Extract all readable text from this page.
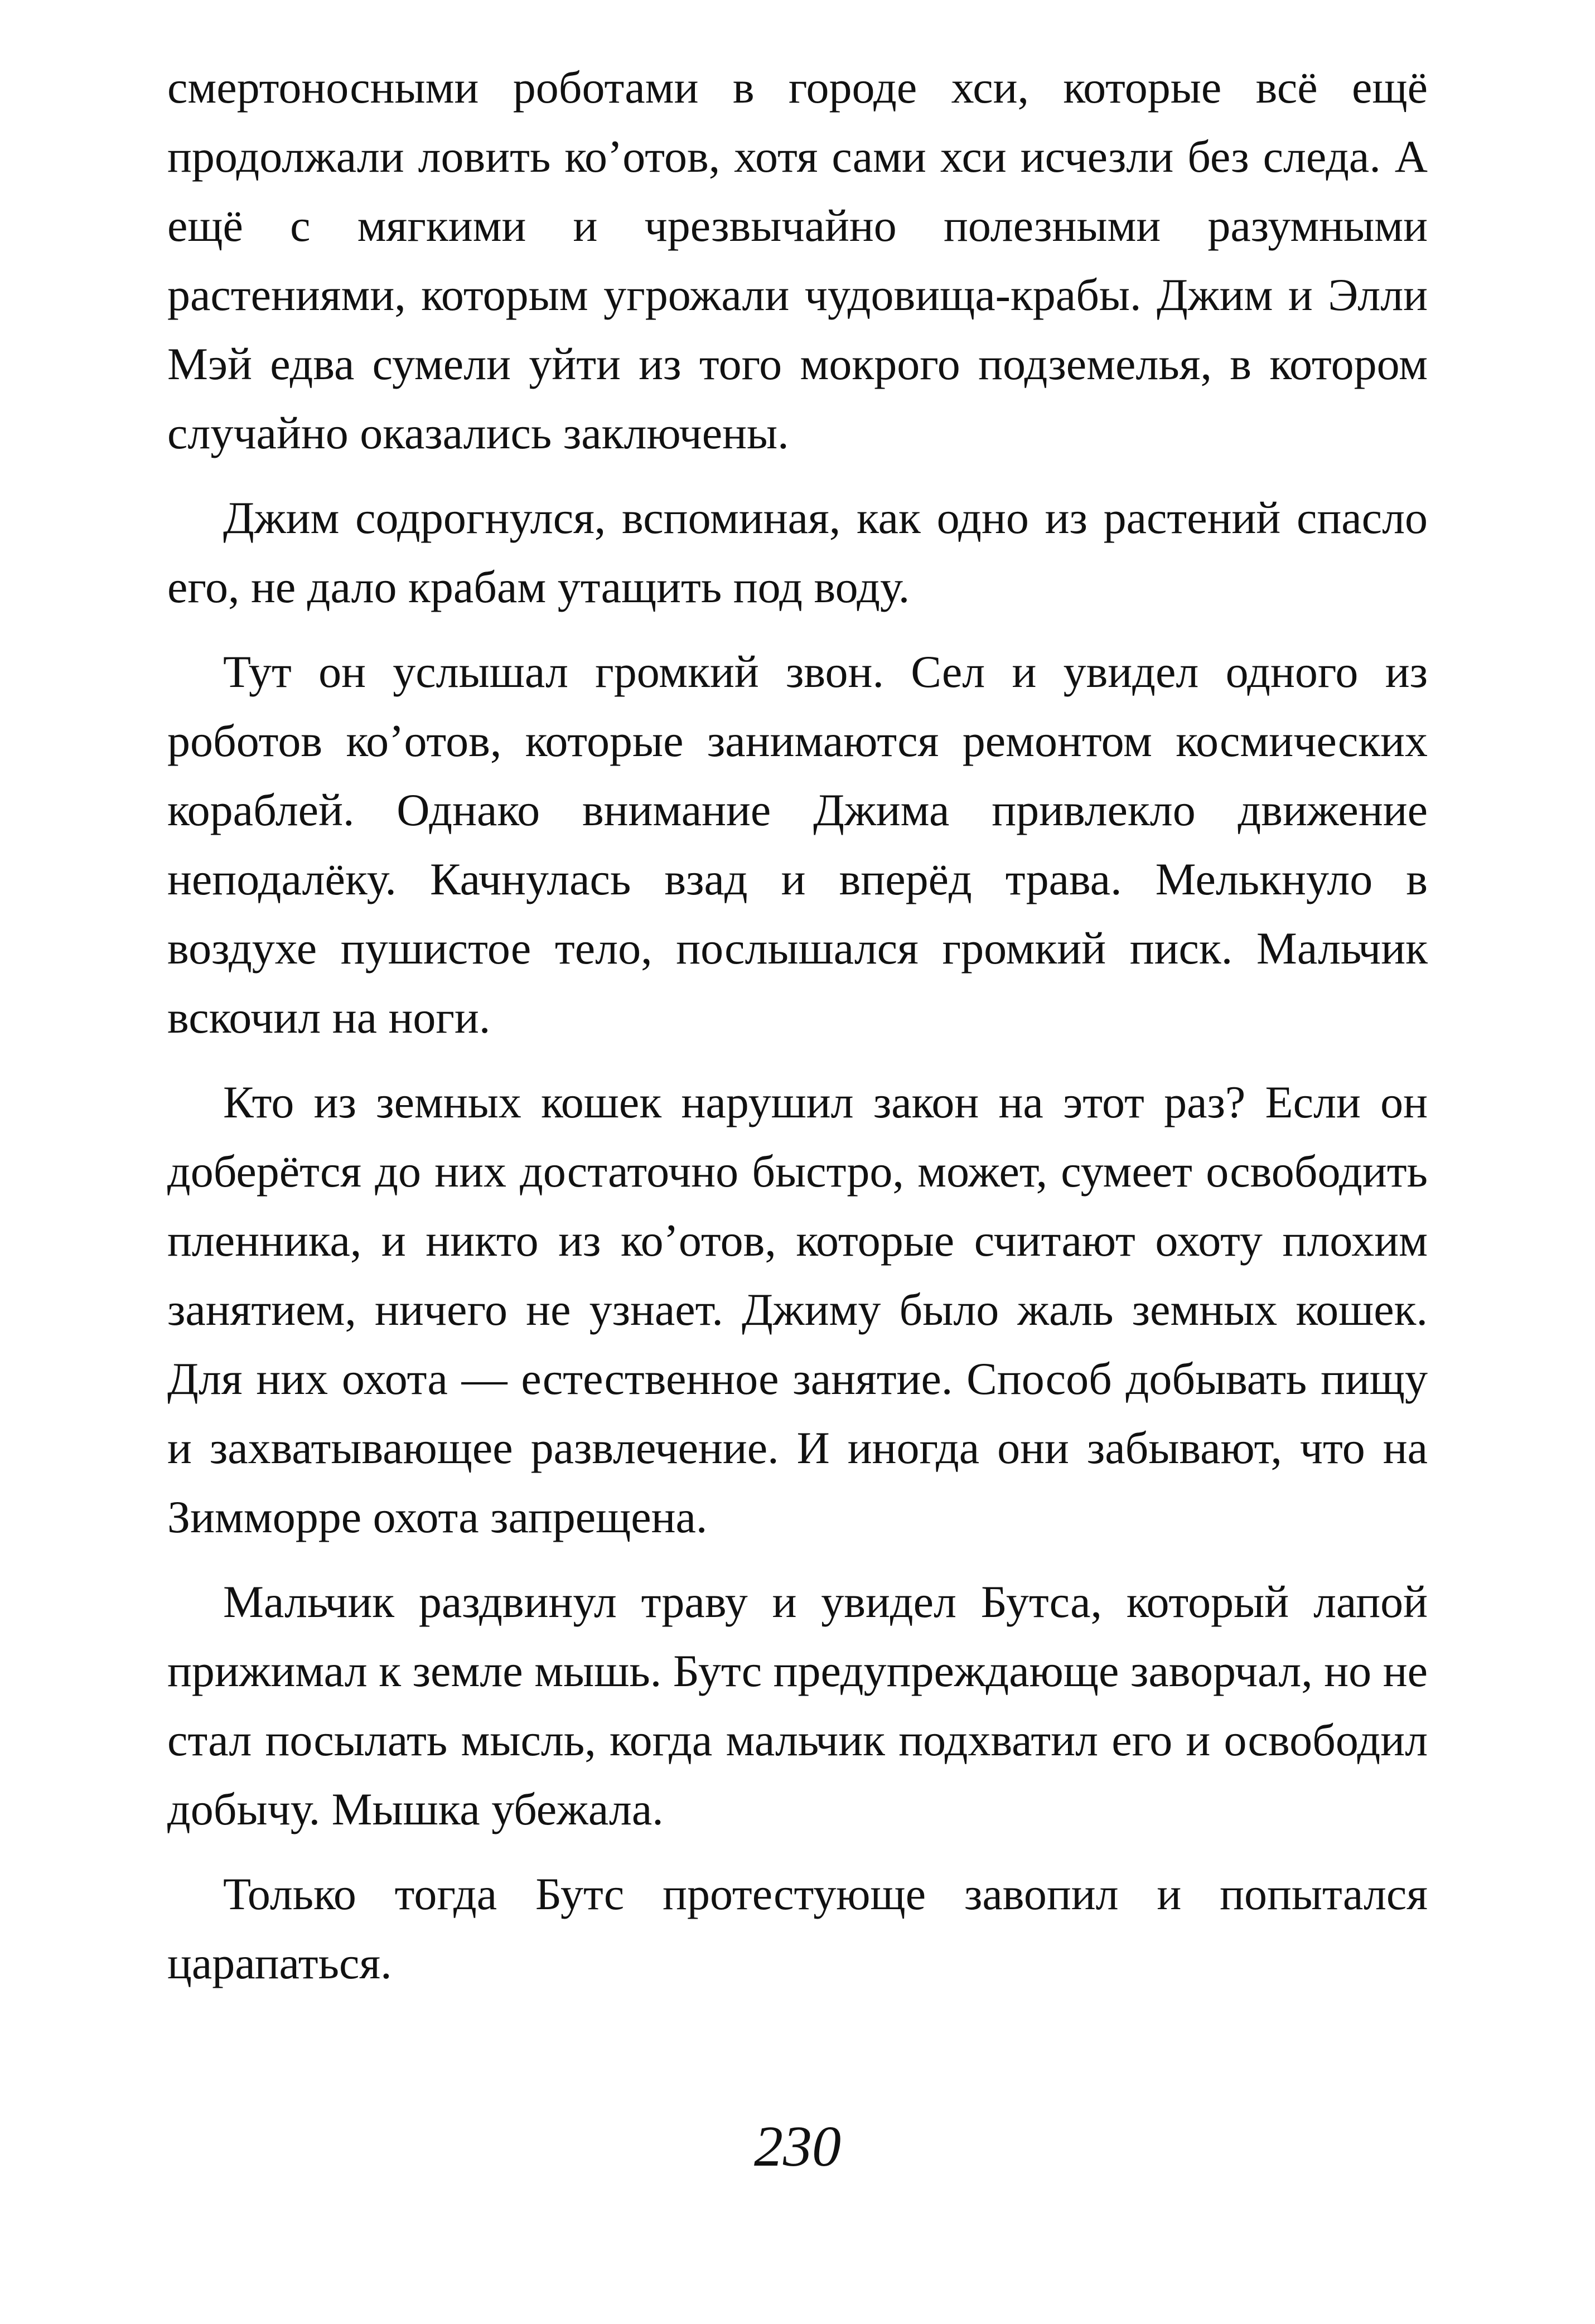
смертоносными роботами в городе хси, которые всё ещё продолжали ловить ко’отов, хотя сами хси исчезли без следа. А ещё с мягкими и чрезвычайно полезными разумными растениями, которым угрожали чудовища-крабы. Джим и Элли Мэй едва сумели уйти из того мокрого подземелья, в котором случайно оказались заключены.

Джим содрогнулся, вспоминая, как одно из растений спасло его, не дало крабам утащить под воду.

Тут он услышал громкий звон. Сел и увидел одного из роботов ко’отов, которые занимаются ремонтом космических кораблей. Однако внимание Джима привлекло движение неподалёку. Качнулась взад и вперёд трава. Мелькнуло в воздухе пушистое тело, послышался громкий писк. Мальчик вскочил на ноги.

Кто из земных кошек нарушил закон на этот раз? Если он доберётся до них достаточно быстро, может, сумеет освободить пленника, и никто из ко’отов, которые считают охоту плохим занятием, ничего не узнает. Джиму было жаль земных кошек. Для них охота — естественное занятие. Способ добывать пищу и захватывающее развлечение. И иногда они забывают, что на Зимморре охота запрещена.

Мальчик раздвинул траву и увидел Бутса, который лапой прижимал к земле мышь. Бутс предупреждающе заворчал, но не стал посылать мысль, когда мальчик подхватил его и освободил добычу. Мышка убежала.

Только тогда Бутс протестующе завопил и попытался царапаться.

230
